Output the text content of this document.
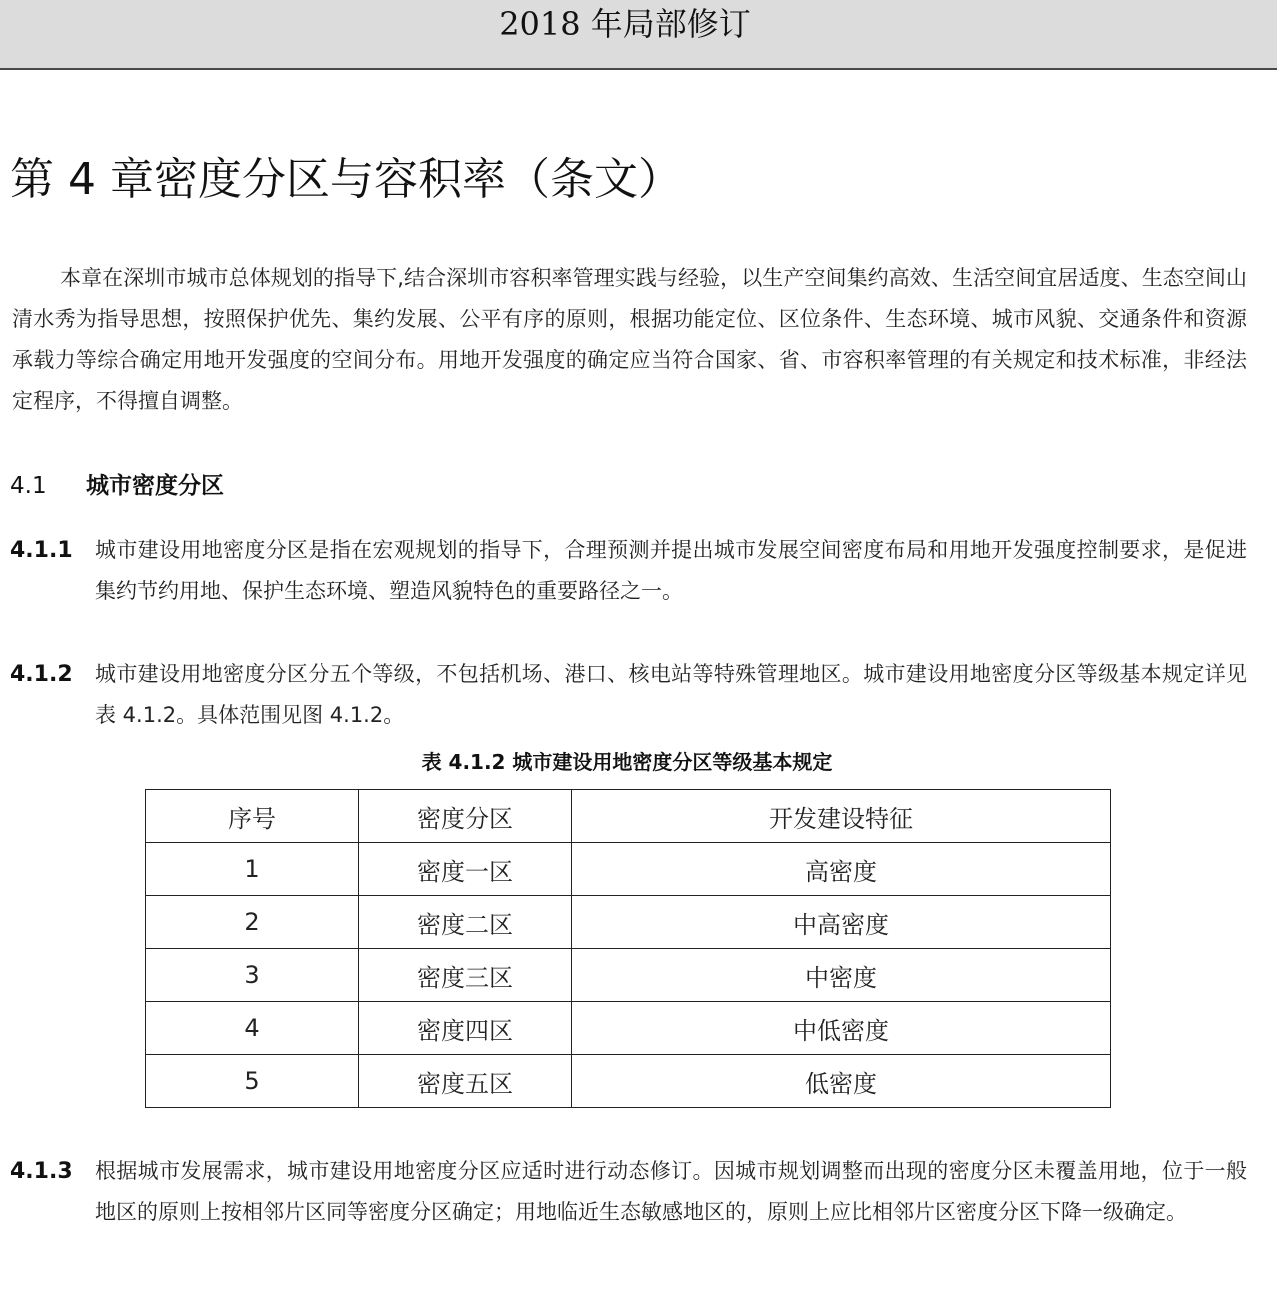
2018 年局部修订
第 4 章密度分区与容积率（条文）

本章在深圳市城市总体规划的指导下,结合深圳市容积率管理实践与经验，以生产空间集约高效、生活空间宜居适度、生态空间山清水秀为指导思想，按照保护优先、集约发展、公平有序的原则，根据功能定位、区位条件、生态环境、城市风貌、交通条件和资源承载力等综合确定用地开发强度的空间分布。用地开发强度的确定应当符合国家、省、市容积率管理的有关规定和技术标准，非经法定程序，不得擅自调整。

4.1 城市密度分区
4.1.1 城市建设用地密度分区是指在宏观规划的指导下，合理预测并提出城市发展空间密度布局和用地开发强度控制要求，是促进集约节约用地、保护生态环境、塑造风貌特色的重要路径之一。
4.1.2 城市建设用地密度分区分五个等级，不包括机场、港口、核电站等特殊管理地区。城市建设用地密度分区等级基本规定详见表 4.1.2。具体范围见图 4.1.2。
表 4.1.2 城市建设用地密度分区等级基本规定
序号	密度分区	开发建设特征
1	密度一区	高密度
2	密度二区	中高密度
3	密度三区	中密度
4	密度四区	中低密度
5	密度五区	低密度
4.1.3 根据城市发展需求，城市建设用地密度分区应适时进行动态修订。因城市规划调整而出现的密度分区未覆盖用地，位于一般地区的原则上按相邻片区同等密度分区确定；用地临近生态敏感地区的，原则上应比相邻片区密度分区下降一级确定。
